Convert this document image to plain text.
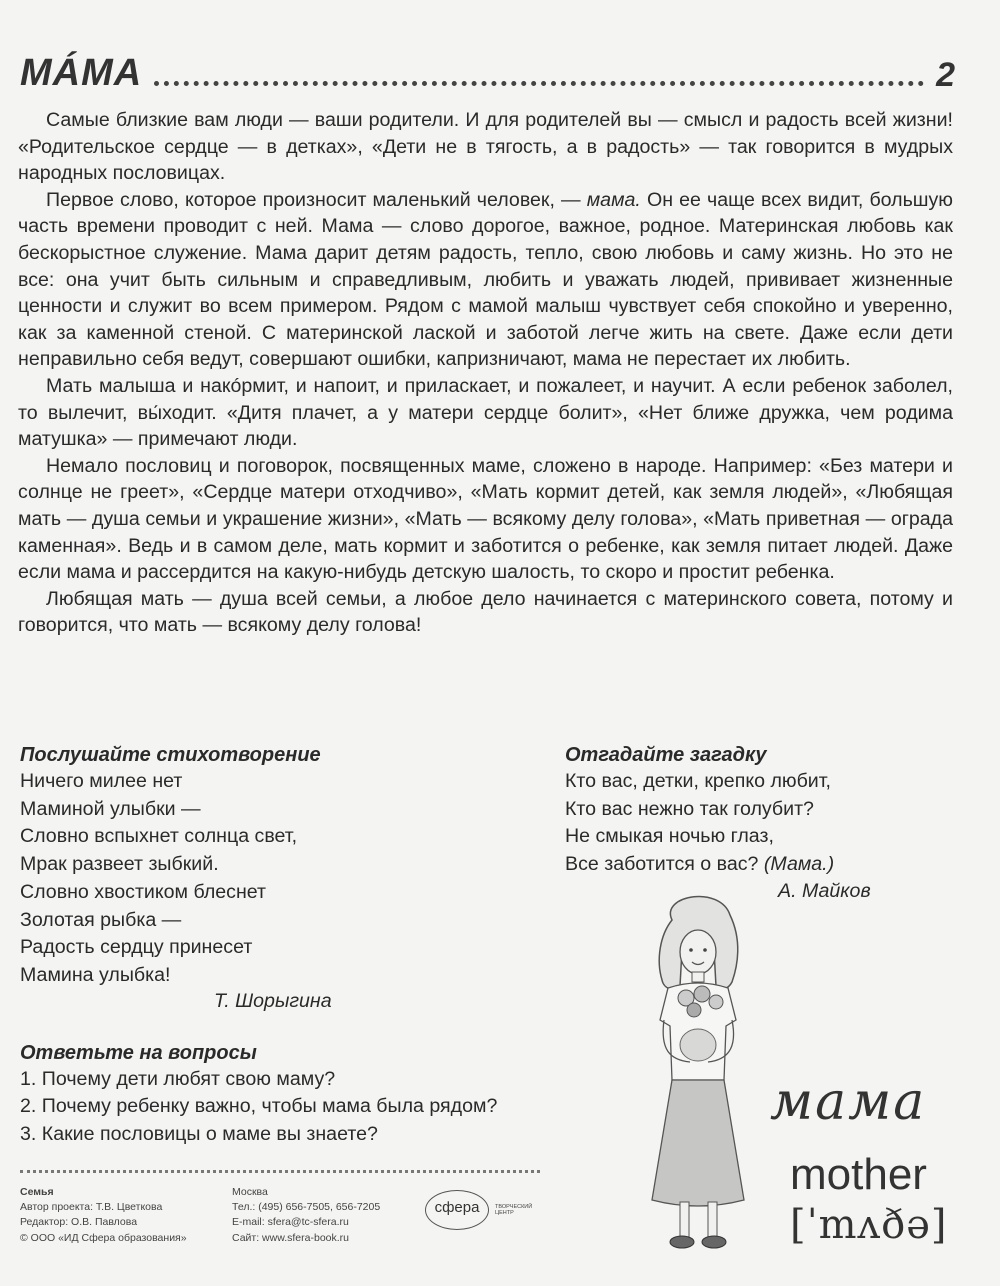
МÁМА	2

Самые близкие вам люди — ваши родители. И для родителей вы — смысл и радость всей жизни! «Родительское сердце — в детках», «Дети не в тягость, а в радость» — так говорится в мудрых народных пословицах.

Первое слово, которое произносит маленький человек, — мама. Он ее чаще всех видит, большую часть времени проводит с ней. Мама — слово дорогое, важное, родное. Материнская любовь как бескорыстное служение. Мама дарит детям радость, тепло, свою любовь и саму жизнь. Но это не все: она учит быть сильным и справедливым, любить и уважать людей, прививает жизненные ценности и служит во всем примером. Рядом с мамой малыш чувствует себя спокойно и уверенно, как за каменной стеной. С материнской лаской и заботой легче жить на свете. Даже если дети неправильно себя ведут, совершают ошибки, капризничают, мама не перестает их любить.

Мать малыша и накóрмит, и напоит, и приласкает, и пожалеет, и научит. А если ребенок заболел, то вылечит, вы́ходит. «Дитя плачет, а у матери сердце болит», «Нет ближе дружка, чем родима матушка» — примечают люди.

Немало пословиц и поговорок, посвященных маме, сложено в народе. Например: «Без матери и солнце не греет», «Сердце матери отходчиво», «Мать кормит детей, как земля людей», «Любящая мать — душа семьи и украшение жизни», «Мать — всякому делу голова», «Мать приветная — ограда каменная». Ведь и в самом деле, мать кормит и заботится о ребенке, как земля питает людей. Даже если мама и рассердится на какую-нибудь детскую шалость, то скоро и простит ребенка.

Любящая мать — душа всей семьи, а любое дело начинается с материнского совета, потому и говорится, что мать — всякому делу голова!

Послушайте стихотворение
Ничего милее нет
Маминой улыбки —
Словно вспыхнет солнца свет,
Мрак развеет зыбкий.
Словно хвостиком блеснет
Золотая рыбка —
Радость сердцу принесет
Мамина улыбка!
Т. Шорыгина
Ответьте на вопросы
1. Почему дети любят свою маму?
2. Почему ребенку важно, чтобы мама была рядом?
3. Какие пословицы о маме вы знаете?
Отгадайте загадку
Кто вас, детки, крепко любит,
Кто вас нежно так голубит?
Не смыкая ночью глаз,
Все заботится о вас? (Мама.)
А. Майков
мама
mother
[ˈmʌðə]
Семья
Автор проекта: Т.В. Цветкова
Редактор: О.В. Павлова
© ООО «ИД Сфера образования»
Москва
Тел.: (495) 656-7505, 656-7205
E-mail: sfera@tc-sfera.ru
Сайт: www.sfera-book.ru
сфера	ТВОРЧЕСКИЙ ЦЕНТР
